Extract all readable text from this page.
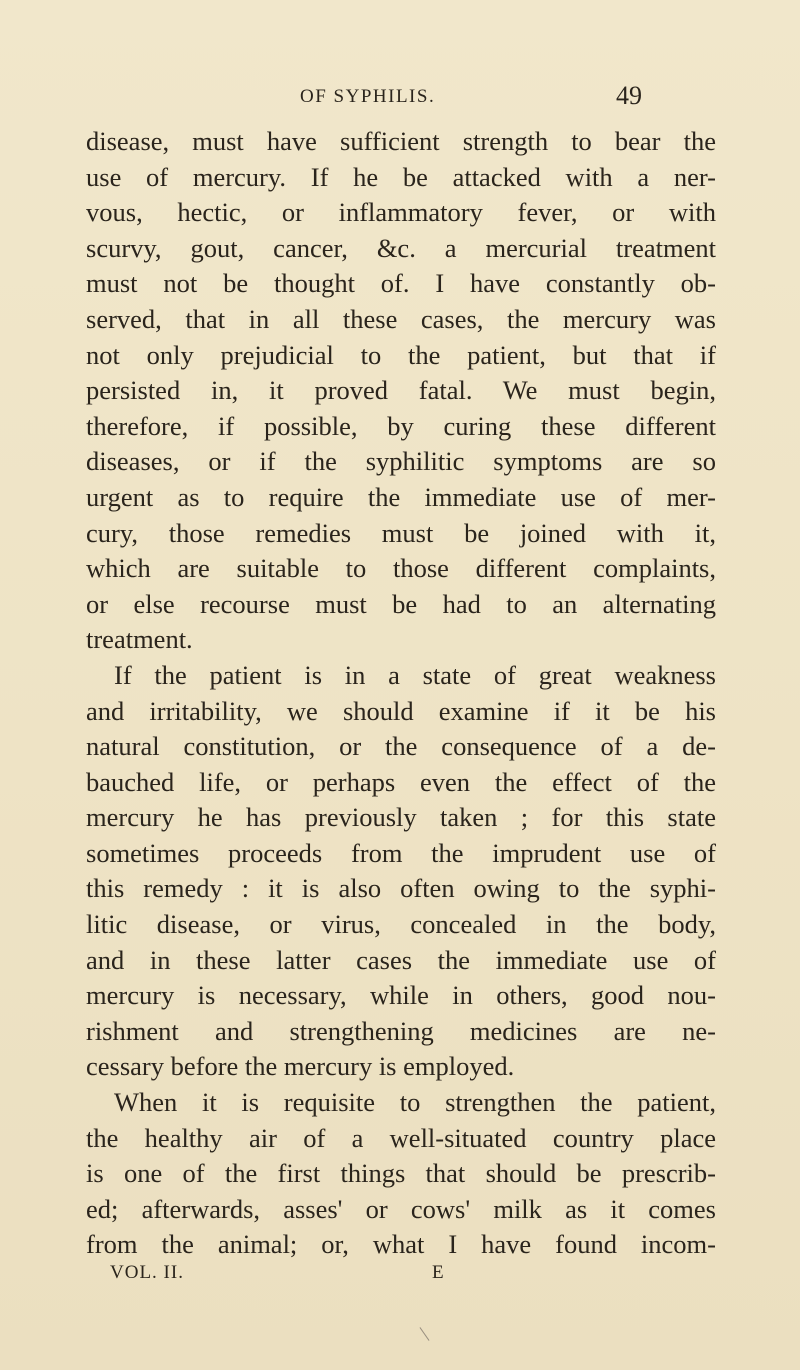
OF SYPHILIS.	49
disease, must have sufficient strength to bear the
use of mercury. If he be attacked with a ner-
vous, hectic, or inflammatory fever, or with
scurvy, gout, cancer, &c. a mercurial treatment
must not be thought of. I have constantly ob-
served, that in all these cases, the mercury was
not only prejudicial to the patient, but that if
persisted in, it proved fatal. We must begin,
therefore, if possible, by curing these different
diseases, or if the syphilitic symptoms are so
urgent as to require the immediate use of mer-
cury, those remedies must be joined with it,
which are suitable to those different complaints,
or else recourse must be had to an alternating
treatment.
If the patient is in a state of great weakness
and irritability, we should examine if it be his
natural constitution, or the consequence of a de-
bauched life, or perhaps even the effect of the
mercury he has previously taken ; for this state
sometimes proceeds from the imprudent use of
this remedy : it is also often owing to the syphi-
litic disease, or virus, concealed in the body,
and in these latter cases the immediate use of
mercury is necessary, while in others, good nou-
rishment and strengthening medicines are ne-
cessary before the mercury is employed.
When it is requisite to strengthen the patient,
the healthy air of a well-situated country place
is one of the first things that should be prescrib-
ed; afterwards, asses' or cows' milk as it comes
from the animal; or, what I have found incom-
VOL. II.	E
